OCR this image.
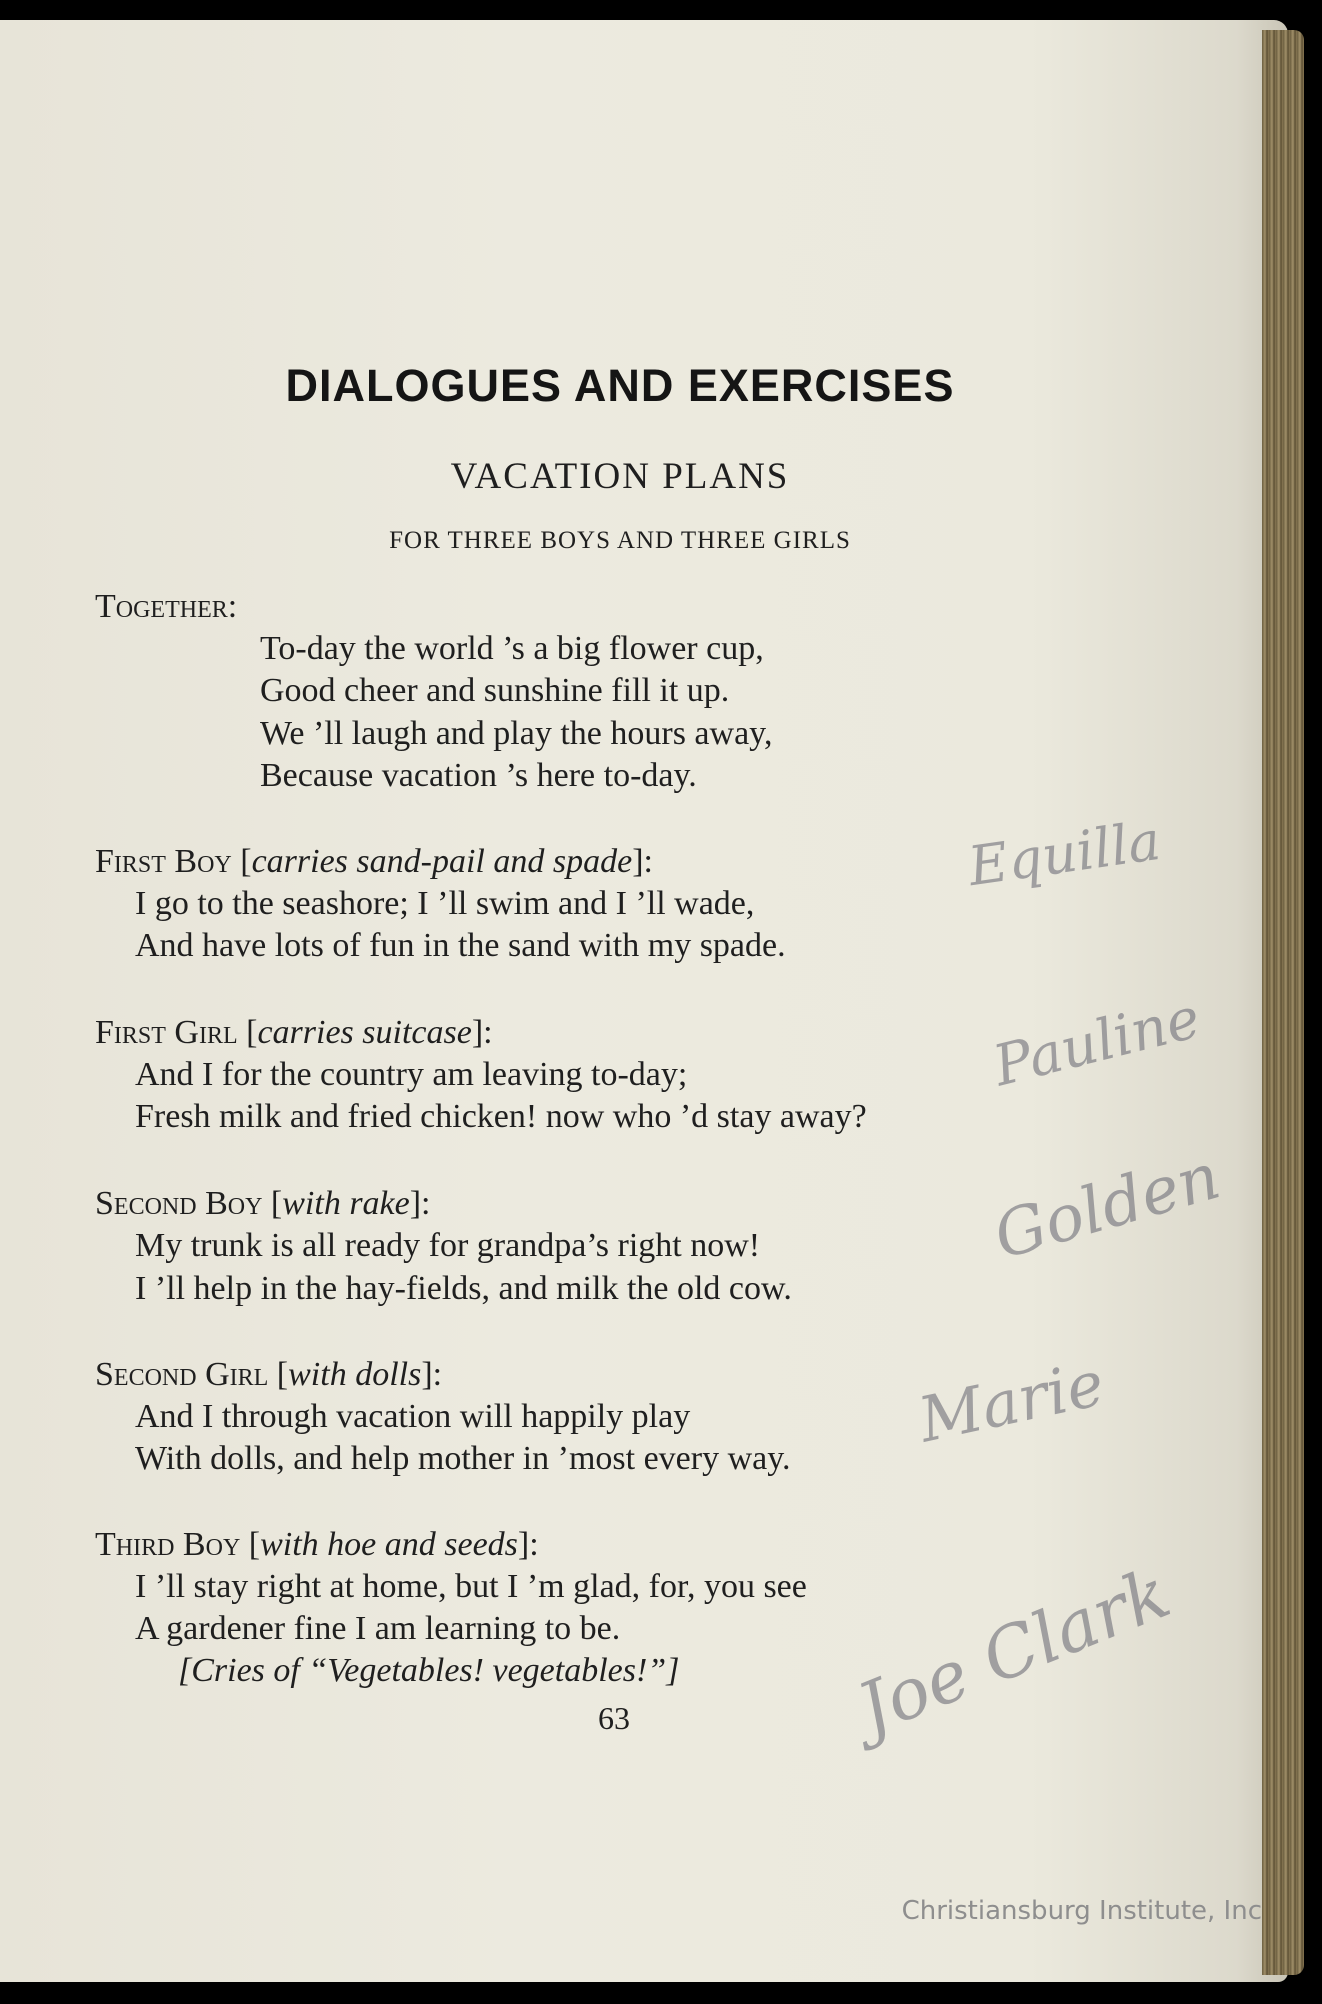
DIALOGUES AND EXERCISES
VACATION PLANS
FOR THREE BOYS AND THREE GIRLS
Together:
To-day the world ’s a big flower cup,
Good cheer and sunshine fill it up.
We ’ll laugh and play the hours away,
Because vacation ’s here to-day.
First Boy [carries sand-pail and spade]:
I go to the seashore; I ’ll swim and I ’ll wade,
And have lots of fun in the sand with my spade.
Equilla
First Girl [carries suitcase]:
And I for the country am leaving to-day;
Fresh milk and fried chicken! now who ’d stay away?
Pauline
Second Boy [with rake]:
My trunk is all ready for grandpa’s right now!
I ’ll help in the hay-fields, and milk the old cow.
Golden
Second Girl [with dolls]:
And I through vacation will happily play
With dolls, and help mother in ’most every way.
Marie
Third Boy [with hoe and seeds]:
I ’ll stay right at home, but I ’m glad, for, you see
A gardener fine I am learning to be.
[Cries of “Vegetables! vegetables!”] Joe Clark
63
Christiansburg Institute, Inc
